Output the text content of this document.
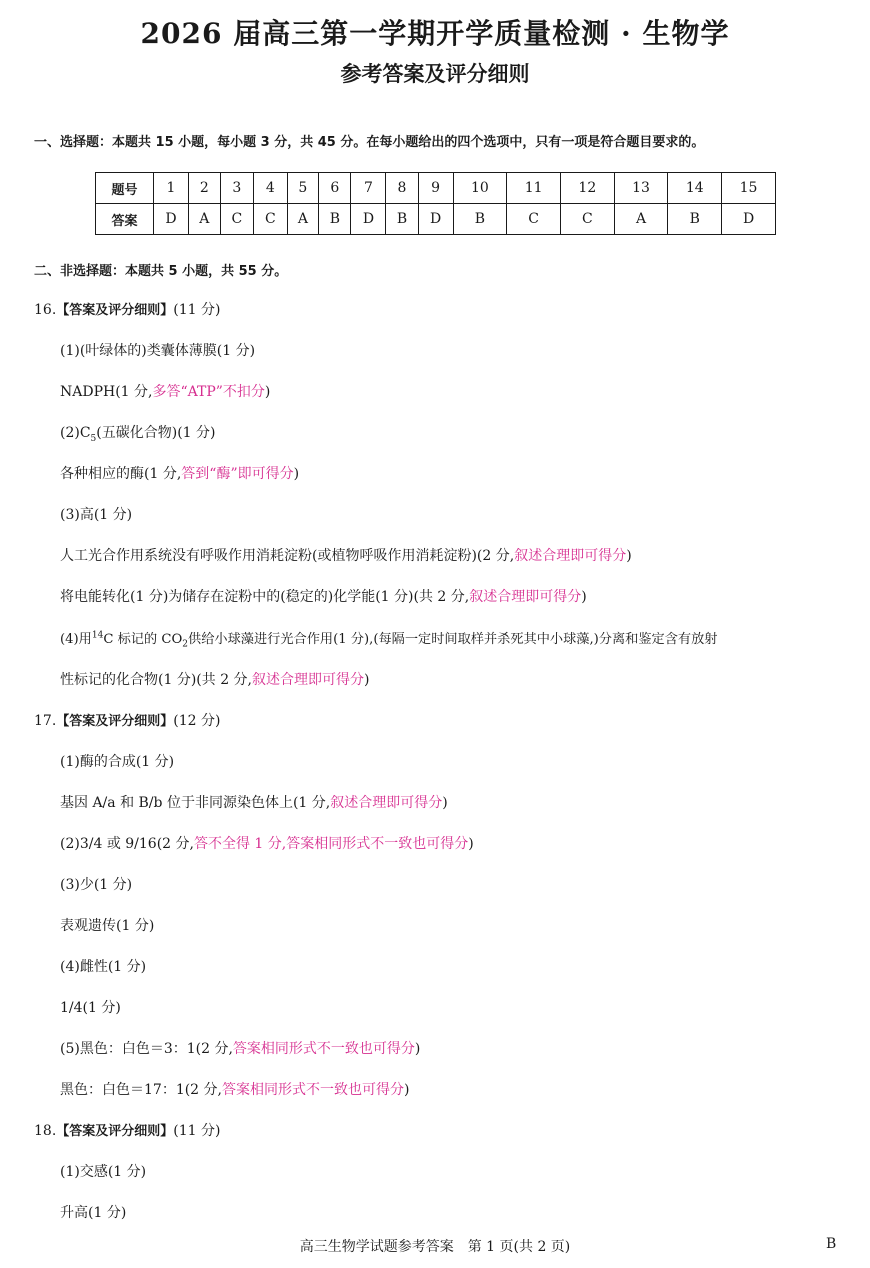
2026 届高三第一学期开学质量检测 · 生物学
参考答案及评分细则
一、选择题：本题共 15 小题，每小题 3 分，共 45 分。在每小题给出的四个选项中，只有一项是符合题目要求的。
题号	1	2	3	4	5	6	7	8	9	10	11	12	13	14	15
答案	D	A	C	C	A	B	D	B	D	B	C	C	A	B	D
二、非选择题：本题共 5 小题，共 55 分。
16.【答案及评分细则】(11 分)
(1)(叶绿体的)类囊体薄膜(1 分)
NADPH(1 分,多答“ATP”不扣分)
$(2)C_5$(五碳化合物)(1 分)
各种相应的酶(1 分,答到“酶”即可得分)
(3)高(1 分)
人工光合作用系统没有呼吸作用消耗淀粉(或植物呼吸作用消耗淀粉)(2 分,叙述合理即可得分)
将电能转化(1 分)为储存在淀粉中的(稳定的)化学能(1 分)(共 2 分,叙述合理即可得分)
(4)用$^{14}$C 标记的 $CO_2$供给小球藻进行光合作用(1 分),(每隔一定时间取样并杀死其中小球藻,)分离和鉴定含有放射
性标记的化合物(1 分)(共 2 分,叙述合理即可得分)
17.【答案及评分细则】(12 分)
(1)酶的合成(1 分)
基因 A/a 和 B/b 位于非同源染色体上(1 分,叙述合理即可得分)
(2)3/4 或 9/16(2 分,答不全得 1 分,答案相同形式不一致也可得分)
(3)少(1 分)
表观遗传(1 分)
(4)雌性(1 分)
1/4(1 分)
(5)黑色：白色＝3：1(2 分,答案相同形式不一致也可得分)
黑色：白色＝17：1(2 分,答案相同形式不一致也可得分)
18.【答案及评分细则】(11 分)
(1)交感(1 分)
升高(1 分)
高三生物学试题参考答案　第 1 页(共 2 页)	B
